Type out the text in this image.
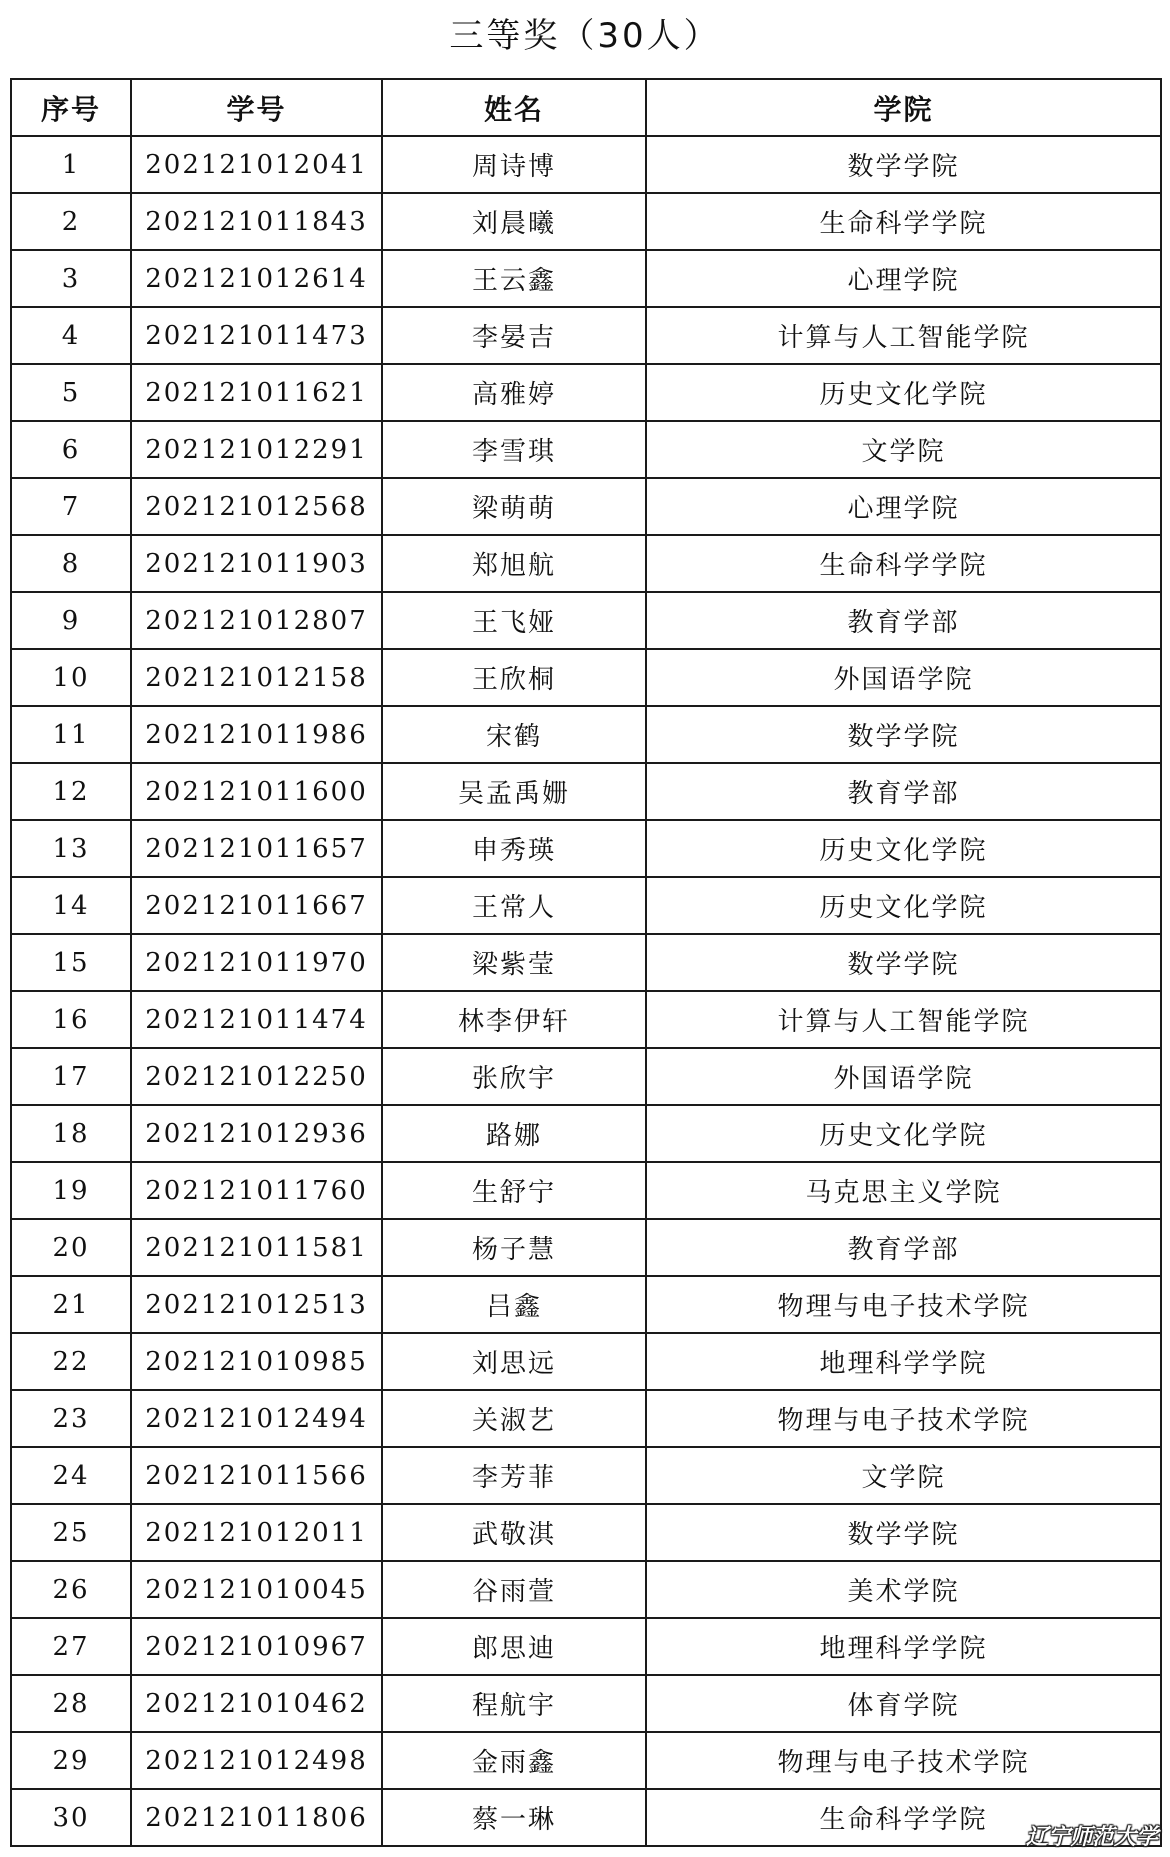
三等奖（30人）
序号	学号	姓名	学院
1	202121012041	周诗博	数学学院
2	202121011843	刘晨曦	生命科学学院
3	202121012614	王云鑫	心理学院
4	202121011473	李晏吉	计算与人工智能学院
5	202121011621	高雅婷	历史文化学院
6	202121012291	李雪琪	文学院
7	202121012568	梁萌萌	心理学院
8	202121011903	郑旭航	生命科学学院
9	202121012807	王飞娅	教育学部
10	202121012158	王欣桐	外国语学院
11	202121011986	宋鹤	数学学院
12	202121011600	吴孟禹姗	教育学部
13	202121011657	申秀瑛	历史文化学院
14	202121011667	王常人	历史文化学院
15	202121011970	梁紫莹	数学学院
16	202121011474	林李伊轩	计算与人工智能学院
17	202121012250	张欣宇	外国语学院
18	202121012936	路娜	历史文化学院
19	202121011760	生舒宁	马克思主义学院
20	202121011581	杨子慧	教育学部
21	202121012513	吕鑫	物理与电子技术学院
22	202121010985	刘思远	地理科学学院
23	202121012494	关淑艺	物理与电子技术学院
24	202121011566	李芳菲	文学院
25	202121012011	武敬淇	数学学院
26	202121010045	谷雨萱	美术学院
27	202121010967	郎思迪	地理科学学院
28	202121010462	程航宇	体育学院
29	202121012498	金雨鑫	物理与电子技术学院
30	202121011806	蔡一琳	生命科学学院
辽宁师范大学
